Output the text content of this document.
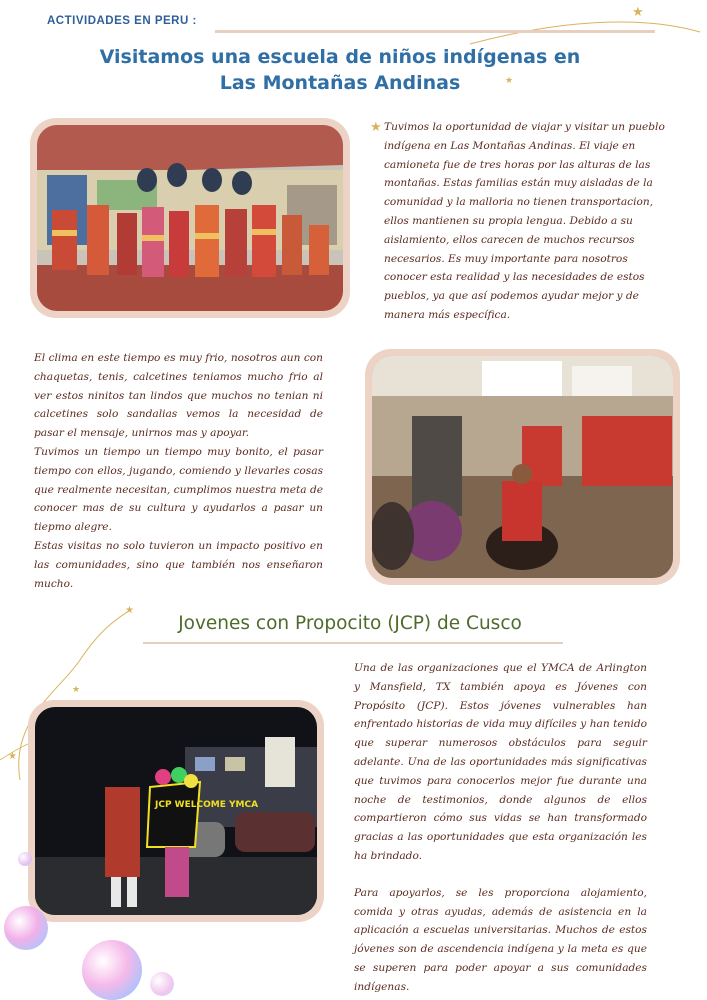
ACTIVIDADES EN PERU :
★
★
Visitamos una escuela de niños indígenas en
Las Montañas Andinas
★ Tuvimos la oportunidad de viajar y visitar un pueblo indígena en Las Montañas Andinas. El viaje en camioneta fue de tres horas por las alturas de las montañas. Estas familias están muy aisladas de la comunidad y la malloria no tienen transportacion, ellos mantienen su propia lengua. Debido a su aislamiento, ellos carecen de muchos recursos necesarios. Es muy importante para nosotros conocer esta realidad y las necesidades de estos pueblos, ya que así podemos ayudar mejor y de manera más específica.

El clima en este tiempo es muy frio, nosotros aun con chaquetas, tenis, calcetines teniamos mucho frio al ver estos ninitos tan lindos que muchos no tenian ni calcetines solo sandalias vemos la necesidad de pasar el mensaje, unirnos mas y apoyar.

Tuvimos un tiempo un tiempo muy bonito, el pasar tiempo con ellos, jugando, comiendo y llevarles cosas que realmente necesitan, cumplimos nuestra meta de conocer mas de su cultura y ayudarlos a pasar un tiepmo alegre.

Estas visitas no solo tuvieron un impacto positivo en las comunidades, sino que también nos enseñaron mucho.

★
Jovenes con Propocito (JCP) de Cusco
★
★
JCP WELCOME YMCA

Una de las organizaciones que el YMCA de Arlington y Mansfield, TX también apoya es Jóvenes con Propósito (JCP). Estos jóvenes vulnerables han enfrentado historias de vida muy difíciles y han tenido que superar numerosos obstáculos para seguir adelante. Una de las oportunidades más significativas que tuvimos para conocerlos mejor fue durante una noche de testimonios, donde algunos de ellos compartieron cómo sus vidas se han transformado gracias a las oportunidades que esta organización les ha brindado.

Para apoyarlos, se les proporciona alojamiento, comida y otras ayudas, además de asistencia en la aplicación a escuelas universitarias. Muchos de estos jóvenes son de ascendencia indígena y la meta es que se superen para poder apoyar a sus comunidades indígenas.
